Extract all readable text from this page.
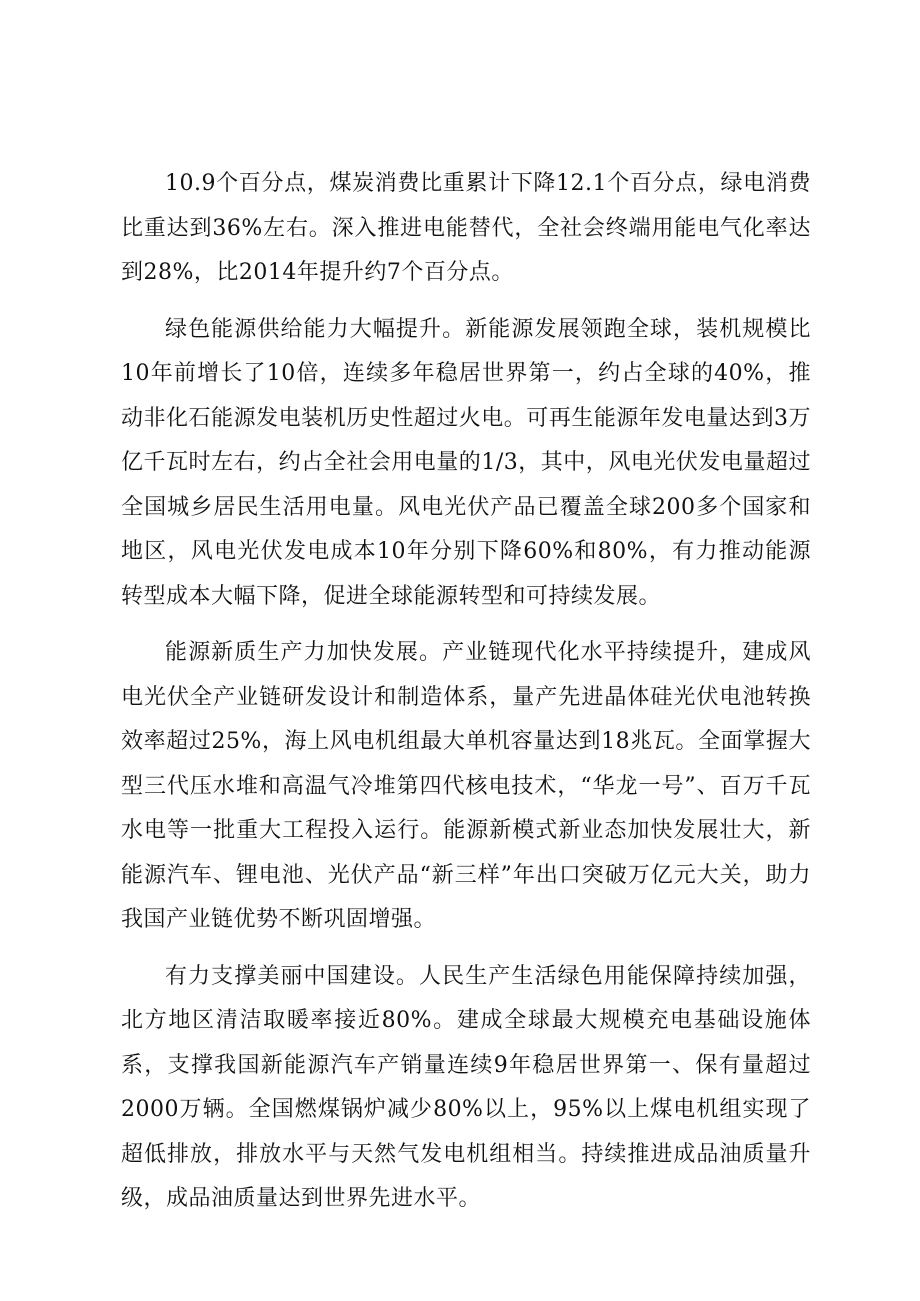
10.9个百分点，煤炭消费比重累计下降12.1个百分点，绿电消费比重达到36%左右。深入推进电能替代，全社会终端用能电气化率达到28%，比2014年提升约7个百分点。

绿色能源供给能力大幅提升。新能源发展领跑全球，装机规模比10年前增长了10倍，连续多年稳居世界第一，约占全球的40%，推动非化石能源发电装机历史性超过火电。可再生能源年发电量达到3万亿千瓦时左右，约占全社会用电量的1/3，其中，风电光伏发电量超过全国城乡居民生活用电量。风电光伏产品已覆盖全球200多个国家和地区，风电光伏发电成本10年分别下降60%和80%，有力推动能源转型成本大幅下降，促进全球能源转型和可持续发展。

能源新质生产力加快发展。产业链现代化水平持续提升，建成风电光伏全产业链研发设计和制造体系，量产先进晶体硅光伏电池转换效率超过25%，海上风电机组最大单机容量达到18兆瓦。全面掌握大型三代压水堆和高温气冷堆第四代核电技术，“华龙一号”、百万千瓦水电等一批重大工程投入运行。能源新模式新业态加快发展壮大，新能源汽车、锂电池、光伏产品“新三样”年出口突破万亿元大关，助力我国产业链优势不断巩固增强。

有力支撑美丽中国建设。人民生产生活绿色用能保障持续加强，北方地区清洁取暖率接近80%。建成全球最大规模充电基础设施体系，支撑我国新能源汽车产销量连续9年稳居世界第一、保有量超过2000万辆。全国燃煤锅炉减少80%以上，95%以上煤电机组实现了超低排放，排放水平与天然气发电机组相当。持续推进成品油质量升级，成品油质量达到世界先进水平。
